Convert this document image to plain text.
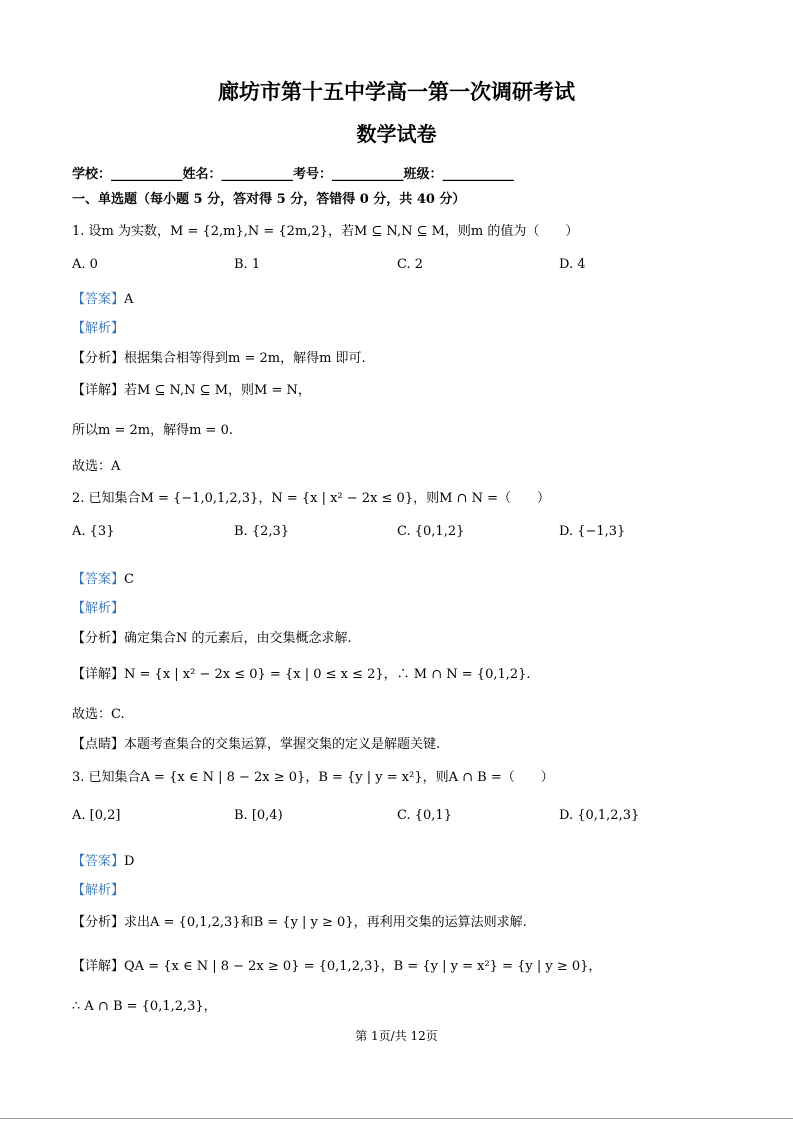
廊坊市第十五中学高一第一次调研考试
数学试卷
学校：___________姓名：___________考号：___________班级：___________
一、单选题（每小题 5 分，答对得 5 分，答错得 0 分，共 40 分）
1. 设m 为实数，M = {2,m},N = {2m,2}，若M ⊆ N,N ⊆ M，则m 的值为（　　）
A. 0	B. 1	C. 2	D. 4
【答案】A
【解析】
【分析】根据集合相等得到m = 2m，解得m 即可.
【详解】若M ⊆ N,N ⊆ M，则M = N，
所以m = 2m，解得m = 0.
故选：A
2. 已知集合M = {−1,0,1,2,3}，N = {x | x² − 2x ≤ 0}，则M ∩ N =（　　）
A. {3}	B. {2,3}	C. {0,1,2}	D. {−1,3}
【答案】C
【解析】
【分析】确定集合N 的元素后，由交集概念求解.
【详解】N = {x | x² − 2x ≤ 0} = {x | 0 ≤ x ≤ 2}，∴ M ∩ N = {0,1,2}.
故选：C.
【点睛】本题考查集合的交集运算，掌握交集的定义是解题关键.
3. 已知集合A = {x ∈ N | 8 − 2x ≥ 0}，B = {y | y = x²}，则A ∩ B =（　　）
A. [0,2]	B. [0,4)	C. {0,1}	D. {0,1,2,3}
【答案】D
【解析】
【分析】求出A = {0,1,2,3}和B = {y | y ≥ 0}，再利用交集的运算法则求解.
【详解】QA = {x ∈ N | 8 − 2x ≥ 0} = {0,1,2,3}，B = {y | y = x²} = {y | y ≥ 0}，
∴ A ∩ B = {0,1,2,3}，
第 1页/共 12页
